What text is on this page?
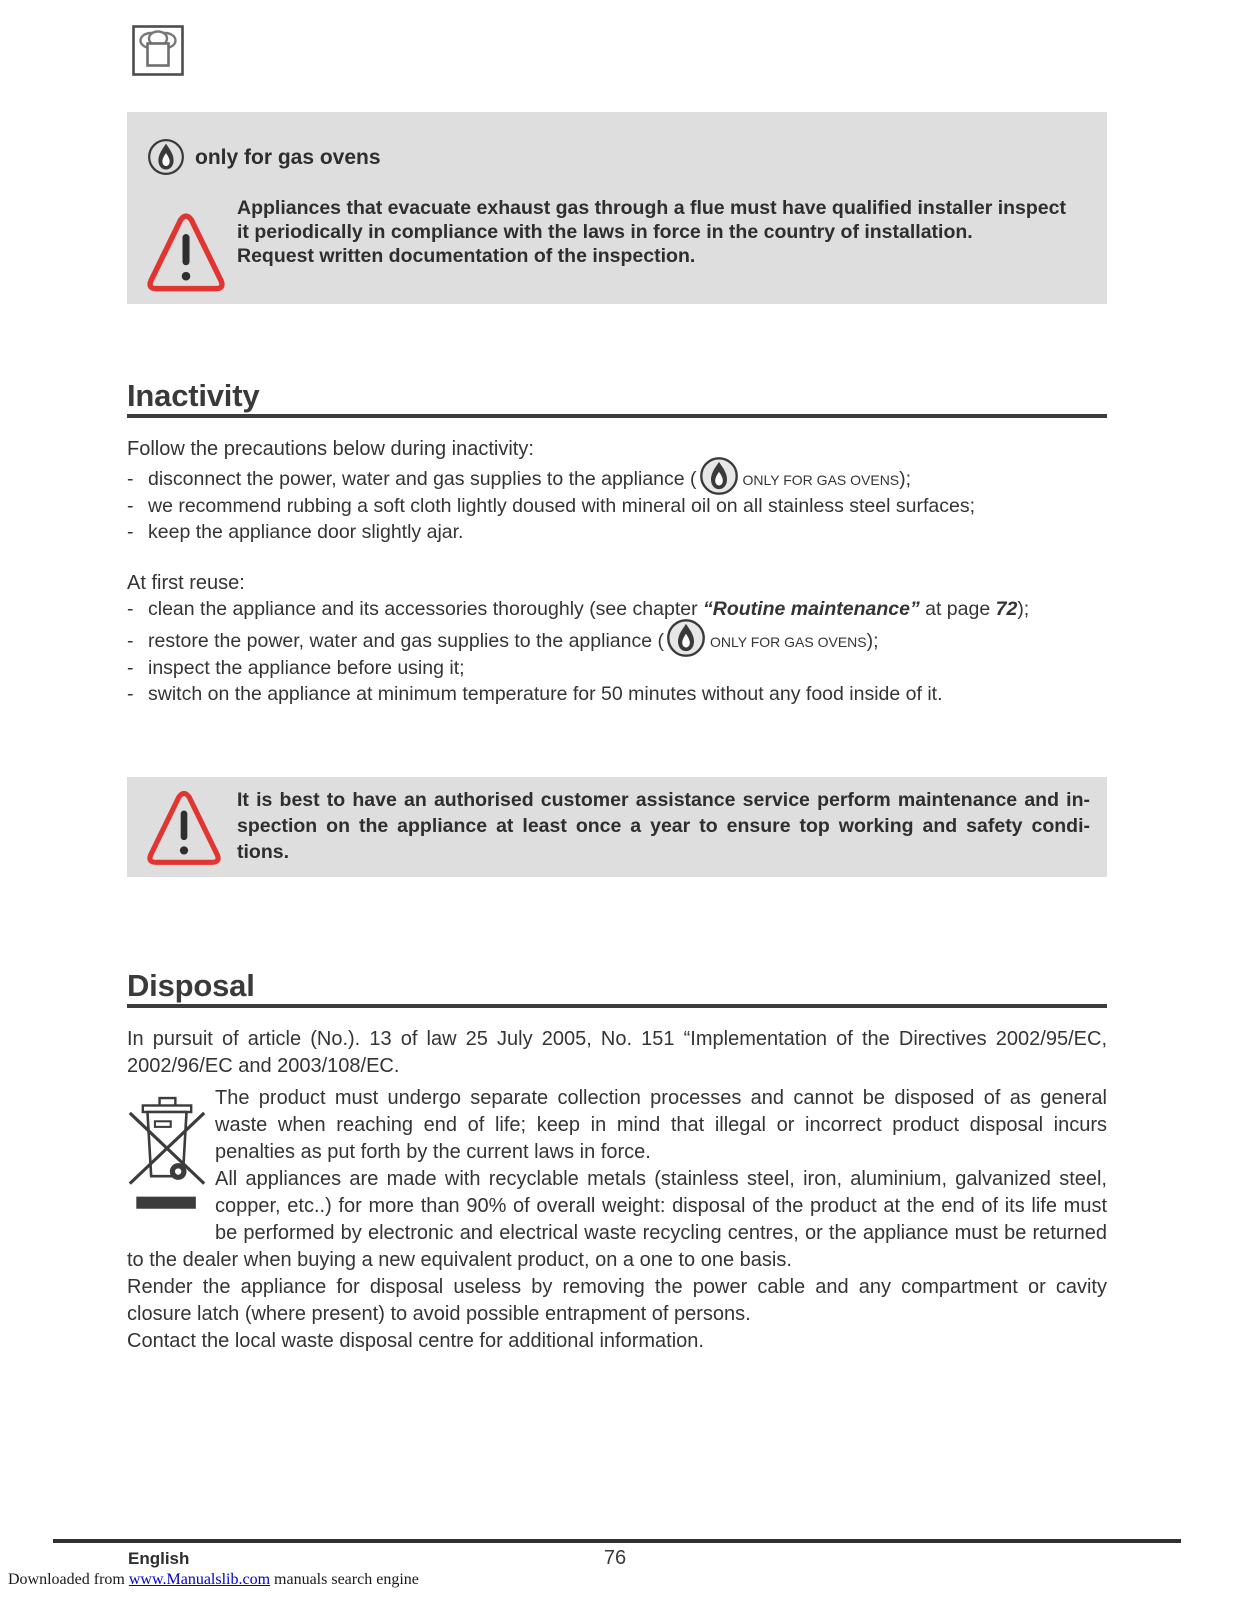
only for gas ovens
Appliances that evacuate exhaust gas through a flue must have qualified installer inspect
it periodically in compliance with the laws in force in the country of installation.
Request written documentation of the inspection.
Inactivity
Follow the precautions below during inactivity:
- disconnect the power, water and gas supplies to the appliance (	ONLY FOR GAS OVENS);
- we recommend rubbing a soft cloth lightly doused with mineral oil on all stainless steel surfaces;
- keep the appliance door slightly ajar.
At first reuse:
- clean the appliance and its accessories thoroughly (see chapter “Routine maintenance” at page 72);
- restore the power, water and gas supplies to the appliance (	ONLY FOR GAS OVENS);
- inspect the appliance before using it;
- switch on the appliance at minimum temperature for 50 minutes without any food inside of it.
It is best to have an authorised customer assistance service perform maintenance and in-
spection on the appliance at least once a year to ensure top working and safety condi-
tions.
Disposal
In pursuit of article (No.). 13 of law 25 July 2005, No. 151 “Implementation of the Directives 2002/95/EC, 2002/96/EC and 2003/108/EC.

The product must undergo separate collection processes and cannot be disposed of as general waste when reaching end of life; keep in mind that illegal or incorrect product disposal incurs penalties as put forth by the current laws in force.

All appliances are made with recyclable metals (stainless steel, iron, aluminium, galvanized steel, copper, etc..) for more than 90% of overall weight: disposal of the product at the end of its life must be performed by electronic and electrical waste recycling centres, or the appliance must be returned to the dealer when buying a new equivalent product, on a one to one basis.

Render the appliance for disposal useless by removing the power cable and any compartment or cavity closure latch (where present) to avoid possible entrapment of persons.

Contact the local waste disposal centre for additional information.

English	76
Downloaded from www.Manualslib.com manuals search engine
